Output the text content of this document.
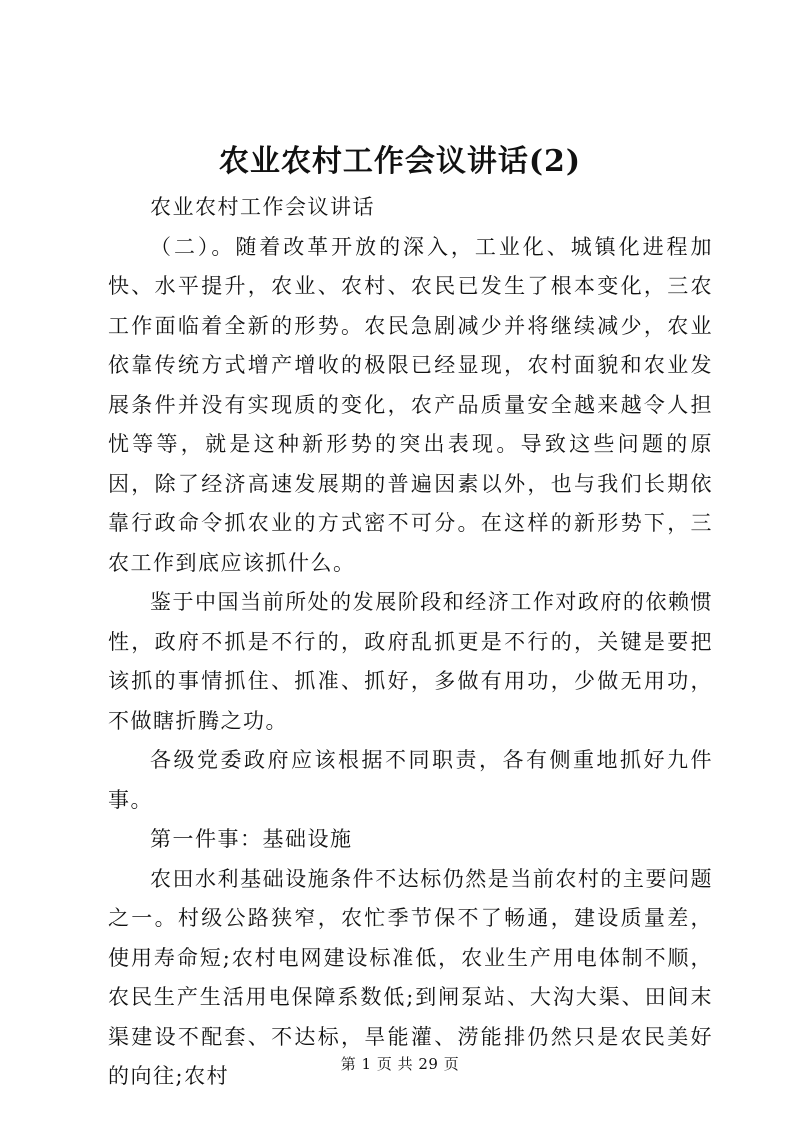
农业农村工作会议讲话(2)

农业农村工作会议讲话

（二）。随着改革开放的深入，工业化、城镇化进程加快、水平提升，农业、农村、农民已发生了根本变化，三农工作面临着全新的形势。农民急剧减少并将继续减少，农业依靠传统方式增产增收的极限已经显现，农村面貌和农业发展条件并没有实现质的变化，农产品质量安全越来越令人担忧等等，就是这种新形势的突出表现。导致这些问题的原因，除了经济高速发展期的普遍因素以外，也与我们长期依靠行政命令抓农业的方式密不可分。在这样的新形势下，三农工作到底应该抓什么。

鉴于中国当前所处的发展阶段和经济工作对政府的依赖惯性，政府不抓是不行的，政府乱抓更是不行的，关键是要把该抓的事情抓住、抓准、抓好，多做有用功，少做无用功，不做瞎折腾之功。

各级党委政府应该根据不同职责，各有侧重地抓好九件事。

第一件事：基础设施

农田水利基础设施条件不达标仍然是当前农村的主要问题之一。村级公路狭窄，农忙季节保不了畅通，建设质量差，使用寿命短;农村电网建设标准低，农业生产用电体制不顺，农民生产生活用电保障系数低;到闸泵站、大沟大渠、田间末渠建设不配套、不达标，旱能灌、涝能排仍然只是农民美好的向往;农村	第 1 页 共 29 页
